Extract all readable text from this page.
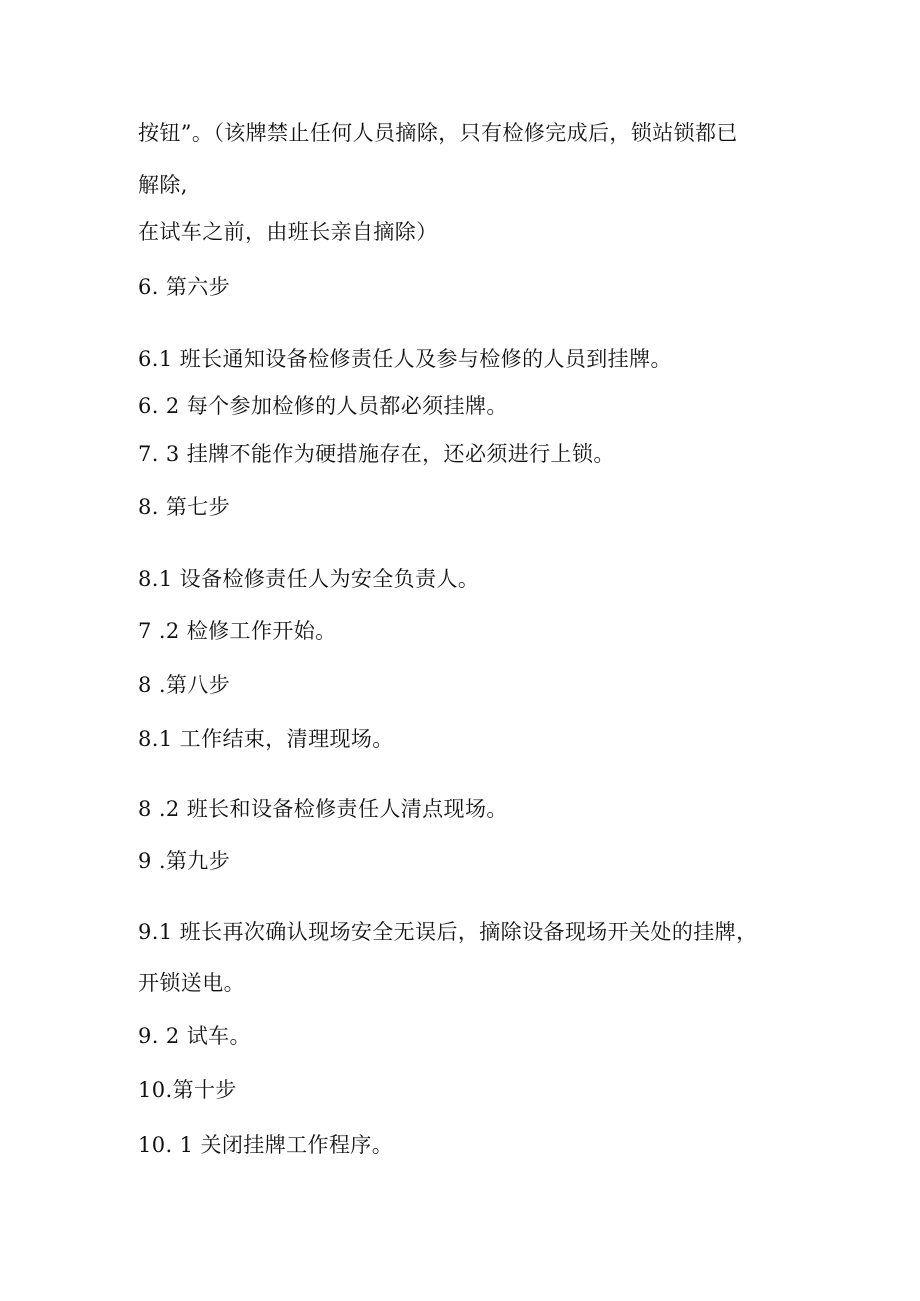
按钮”。（该牌禁止任何人员摘除，只有检修完成后，锁站锁都已
解除,
在试车之前，由班长亲自摘除）
6. 第六步
6.1 班长通知设备检修责任人及参与检修的人员到挂牌。
6. 2 每个参加检修的人员都必须挂牌。
7. 3 挂牌不能作为硬措施存在，还必须进行上锁。
8. 第七步
8.1 设备检修责任人为安全负责人。
7 .2 检修工作开始。
8 .第八步
8.1 工作结束，清理现场。
8 .2 班长和设备检修责任人清点现场。
9 .第九步
9.1 班长再次确认现场安全无误后，摘除设备现场开关处的挂牌，
开锁送电。
9. 2 试车。
10.第十步
10. 1 关闭挂牌工作程序。
